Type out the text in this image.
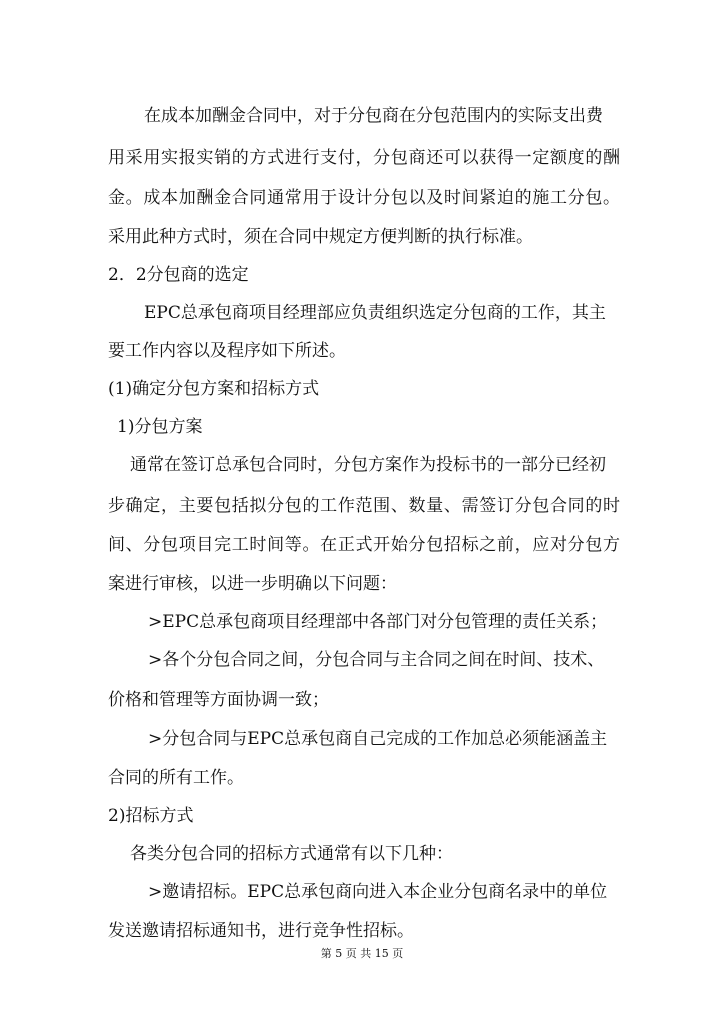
在成本加酬金合同中，对于分包商在分包范围内的实际支出费
用采用实报实销的方式进行支付，分包商还可以获得一定额度的酬
金。成本加酬金合同通常用于设计分包以及时间紧迫的施工分包。
采用此种方式时，须在合同中规定方便判断的执行标准。
2．2分包商的选定
EPC总承包商项目经理部应负责组织选定分包商的工作，其主
要工作内容以及程序如下所述。
(1)确定分包方案和招标方式
1)分包方案
通常在签订总承包合同时，分包方案作为投标书的一部分已经初
步确定，主要包括拟分包的工作范围、数量、需签订分包合同的时
间、分包项目完工时间等。在正式开始分包招标之前，应对分包方
案进行审核，以进一步明确以下问题：
>EPC总承包商项目经理部中各部门对分包管理的责任关系；
>各个分包合同之间，分包合同与主合同之间在时间、技术、
价格和管理等方面协调一致；
>分包合同与EPC总承包商自己完成的工作加总必须能涵盖主
合同的所有工作。
2)招标方式
各类分包合同的招标方式通常有以下几种：
>邀请招标。EPC总承包商向进入本企业分包商名录中的单位
发送邀请招标通知书，进行竞争性招标。
第 5 页 共 15 页
